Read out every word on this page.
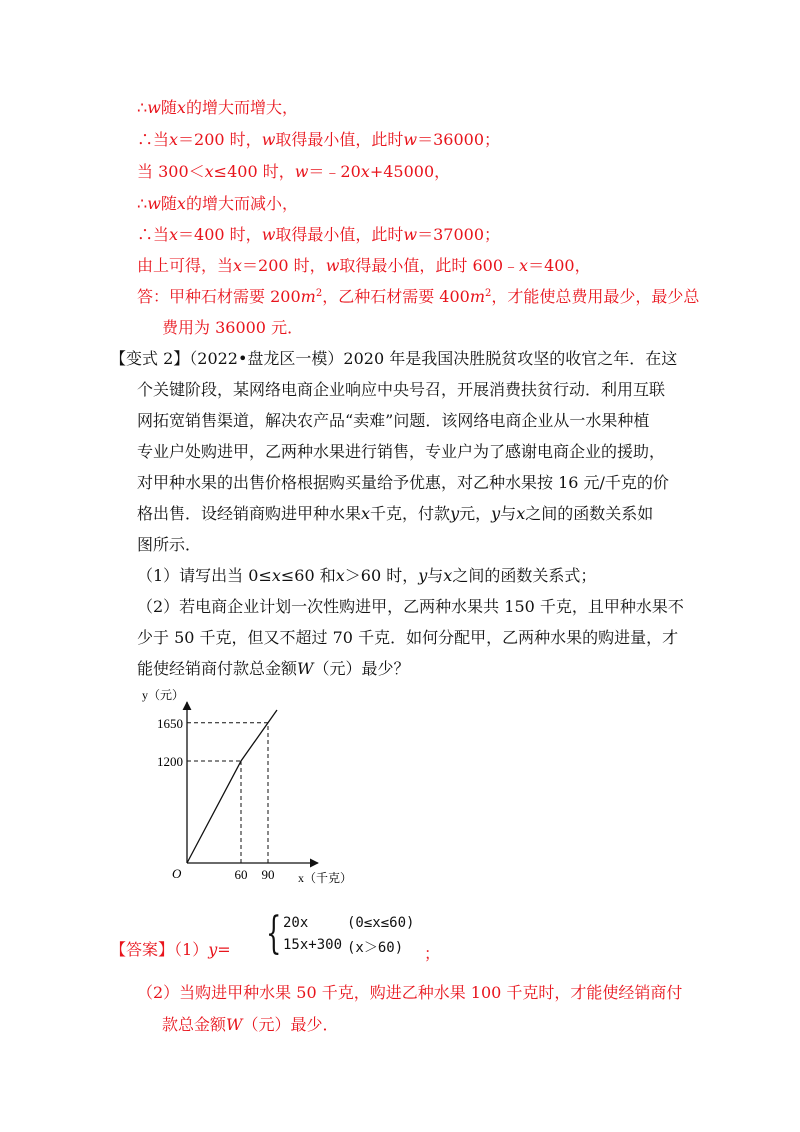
∴w随x的增大而增大，
∴当x＝200 时，w取得最小值，此时w＝36000；
当 300＜x≤400 时，w＝﹣20x+45000，
∴w随x的增大而减小，
∴当x＝400 时，w取得最小值，此时w＝37000；
由上可得，当x＝200 时，w取得最小值，此时 600﹣x＝400，
答：甲种石材需要 $200m^2$，乙种石材需要 $400m^2$，才能使总费用最少，最少总
费用为 36000 元．
【变式 2】（2022•盘龙区一模）2020 年是我国决胜脱贫攻坚的收官之年．在这
个关键阶段，某网络电商企业响应中央号召，开展消费扶贫行动．利用互联
网拓宽销售渠道，解决农产品“卖难”问题．该网络电商企业从一水果种植
专业户处购进甲，乙两种水果进行销售，专业户为了感谢电商企业的援助，
对甲种水果的出售价格根据购买量给予优惠，对乙种水果按 16 元/千克的价
格出售．设经销商购进甲种水果x千克，付款y元，y与x之间的函数关系如
图所示．
（1）请写出当 0≤x≤60 和x＞60 时，y与x之间的函数关系式；
（2）若电商企业计划一次性购进甲，乙两种水果共 150 千克，且甲种水果不
少于 50 千克，但又不超过 70 千克．如何分配甲，乙两种水果的购进量，才
能使经销商付款总金额W（元）最少？
1200
1650
60 90
y（元）
x（千克）
O
【答案】（1）y= { 20x	(0≤x≤60)
15x+300 (x＞60) ；
（2）当购进甲种水果 50 千克，购进乙种水果 100 千克时，才能使经销商付
款总金额W（元）最少．
